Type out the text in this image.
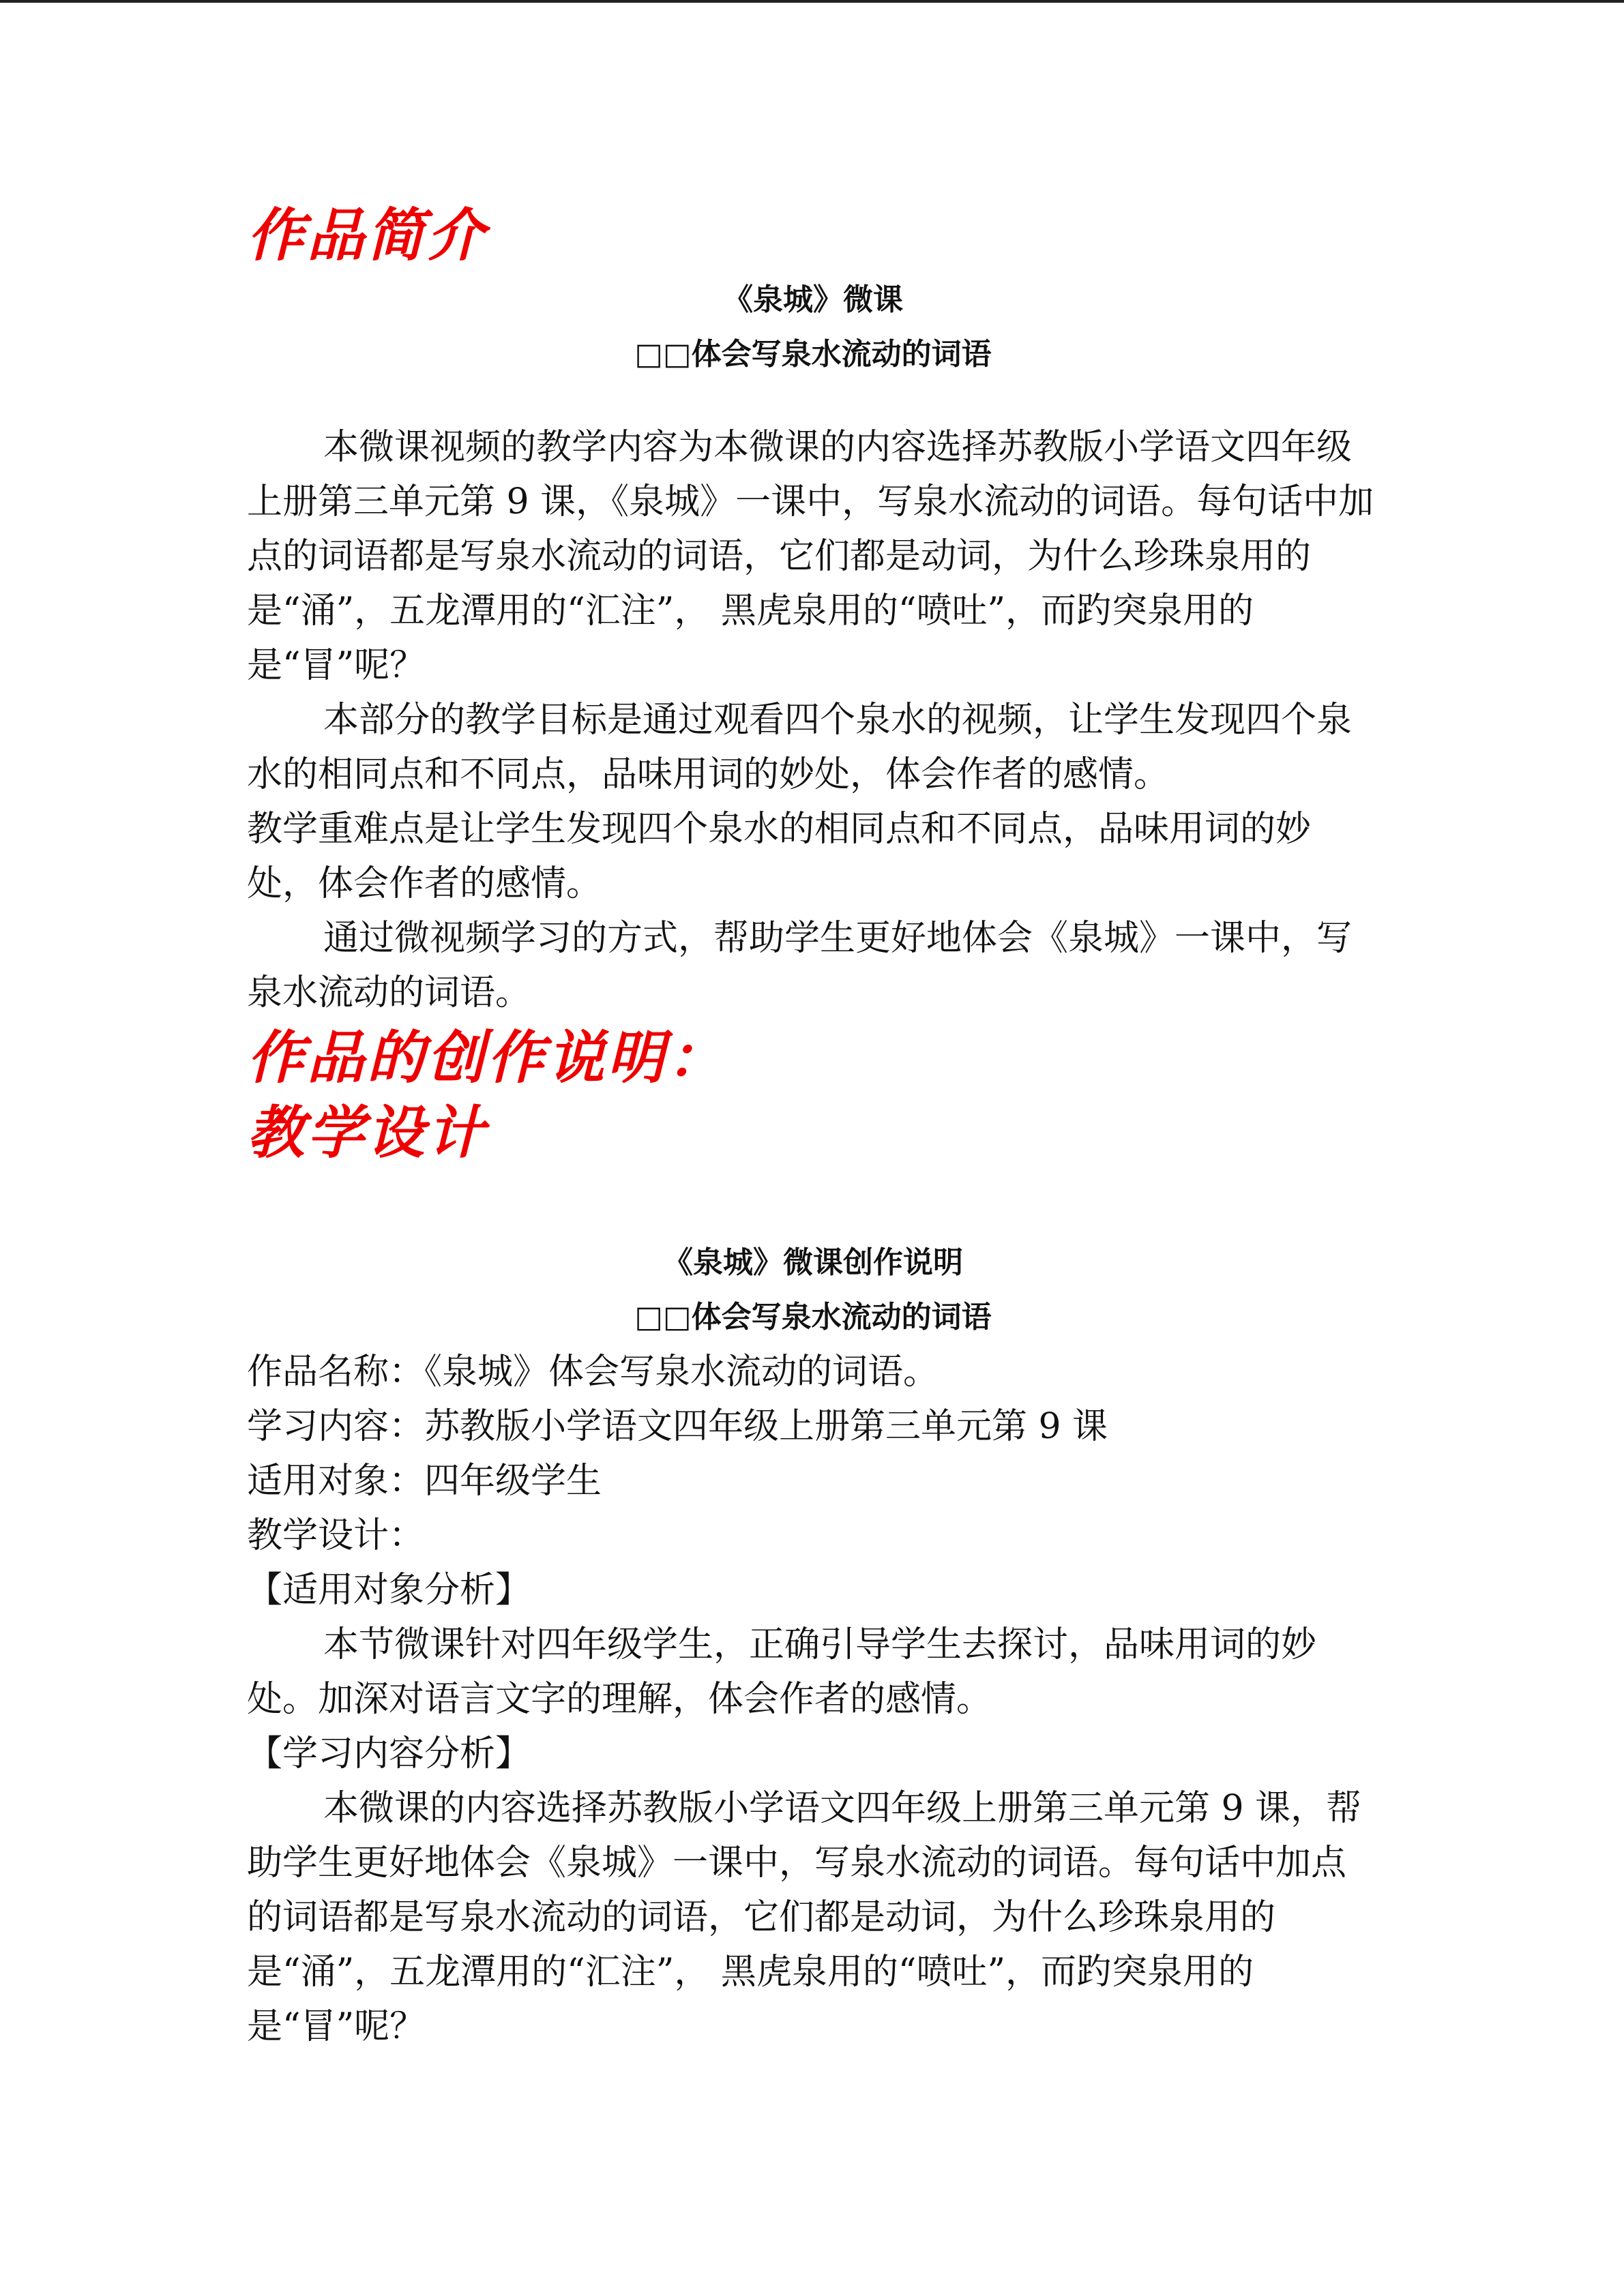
作品简介
《泉城》微课
□□体会写泉水流动的词语
本微课视频的教学内容为本微课的内容选择苏教版小学语文四年级上册第三单元第 9 课，《泉城》一课中，写泉水流动的词语。每句话中加点的词语都是写泉水流动的词语，它们都是动词，为什么珍珠泉用的是“涌”，五龙潭用的“汇注”， 黑虎泉用的“喷吐”，而趵突泉用的是“冒”呢？
本部分的教学目标是通过观看四个泉水的视频，让学生发现四个泉水的相同点和不同点，品味用词的妙处，体会作者的感情。
教学重难点是让学生发现四个泉水的相同点和不同点，品味用词的妙处，体会作者的感情。
通过微视频学习的方式，帮助学生更好地体会《泉城》一课中，写泉水流动的词语。
作品的创作说明：
教学设计
《泉城》微课创作说明
□□体会写泉水流动的词语
作品名称：《泉城》体会写泉水流动的词语。
学习内容：苏教版小学语文四年级上册第三单元第 9 课
适用对象：四年级学生
教学设计：
【适用对象分析】
本节微课针对四年级学生，正确引导学生去探讨，品味用词的妙处。加深对语言文字的理解，体会作者的感情。
【学习内容分析】
本微课的内容选择苏教版小学语文四年级上册第三单元第 9 课，帮助学生更好地体会《泉城》一课中，写泉水流动的词语。每句话中加点的词语都是写泉水流动的词语，它们都是动词，为什么珍珠泉用的是“涌”，五龙潭用的“汇注”， 黑虎泉用的“喷吐”，而趵突泉用的是“冒”呢？
